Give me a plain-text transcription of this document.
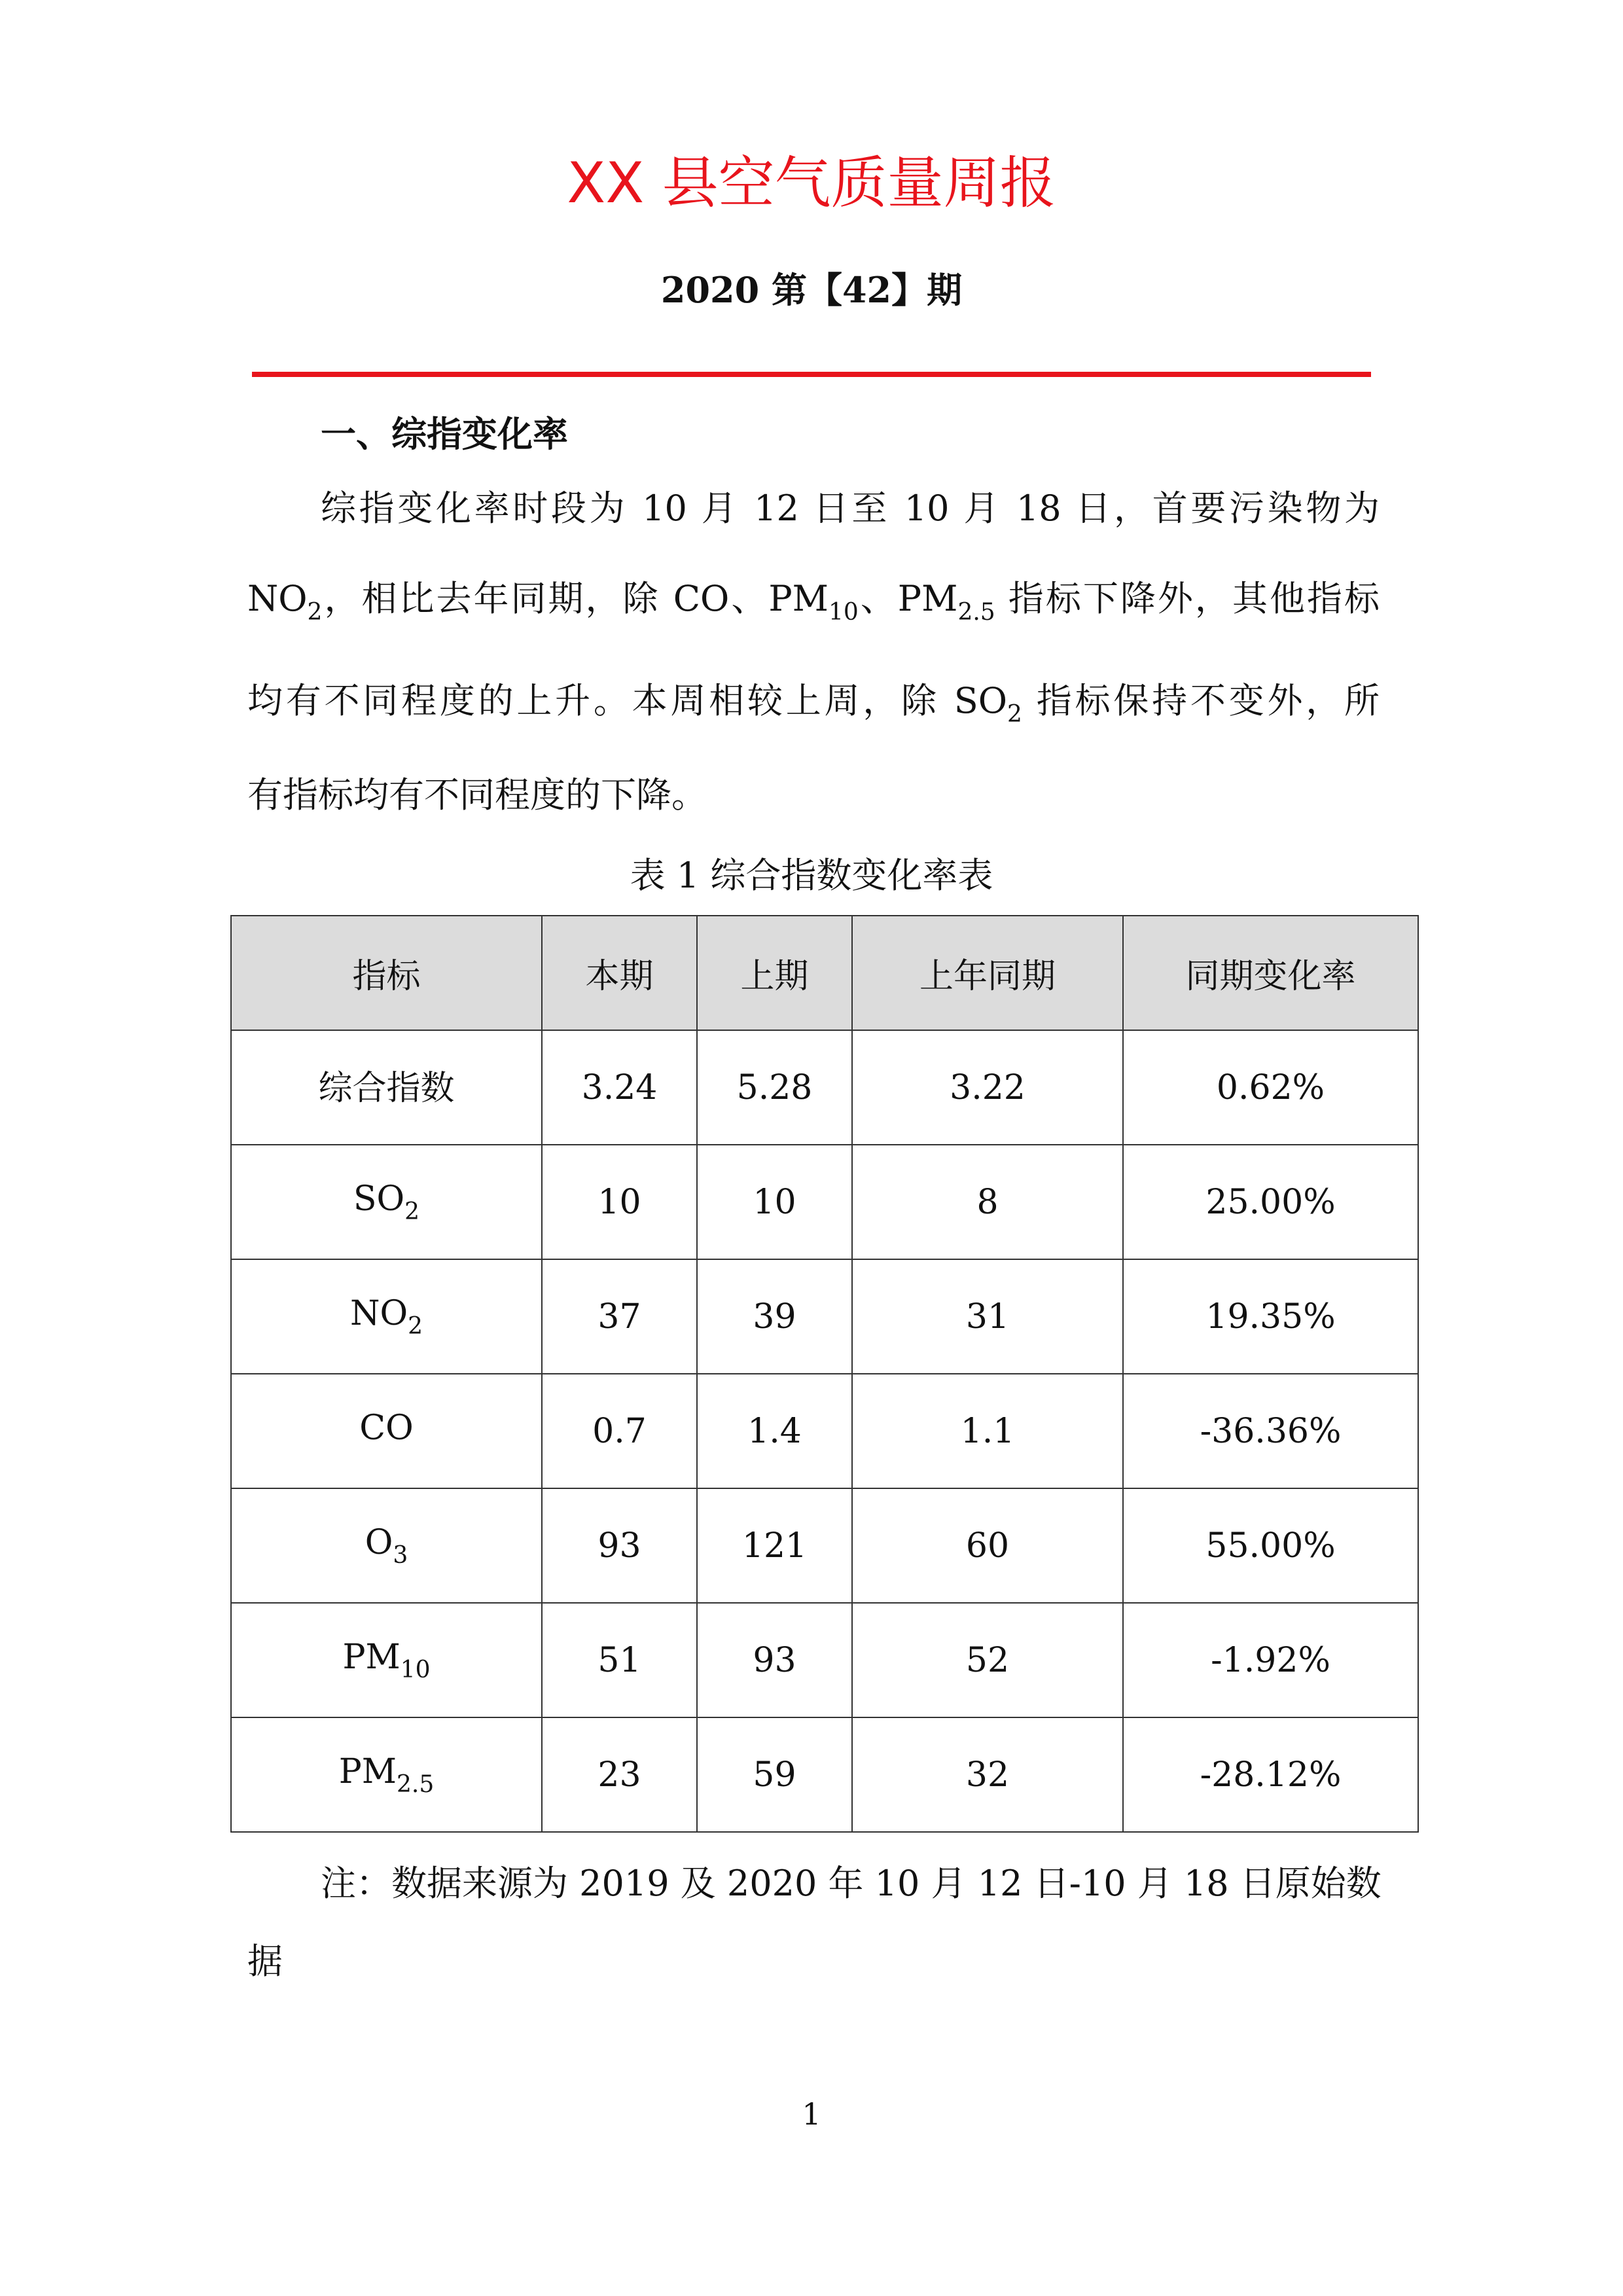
XX 县空气质量周报
2020 第【42】期
一、综指变化率
综指变化率时段为 10 月 12 日至 10 月 18 日，首要污染物为
$NO_2$，相比去年同期，除 CO、$PM_{10}$、$PM_{2.5}$ 指标下降外，其他指标
均有不同程度的上升。本周相较上周，除 $SO_2$ 指标保持不变外，所
有指标均有不同程度的下降。
表 1 综合指数变化率表
指标	本期	上期	上年同期	同期变化率
综合指数	3.24	5.28	3.22	0.62%
$SO_2$	10	10	8	25.00%
$NO_2$	37	39	31	19.35%
CO	0.7	1.4	1.1	-36.36%
$O_3$	93	121	60	55.00%
$PM_{10}$	51	93	52	-1.92%
$PM_{2.5}$	23	59	32	-28.12%
注：数据来源为 2019 及 2020 年 10 月 12 日-10 月 18 日原始数
据
1
